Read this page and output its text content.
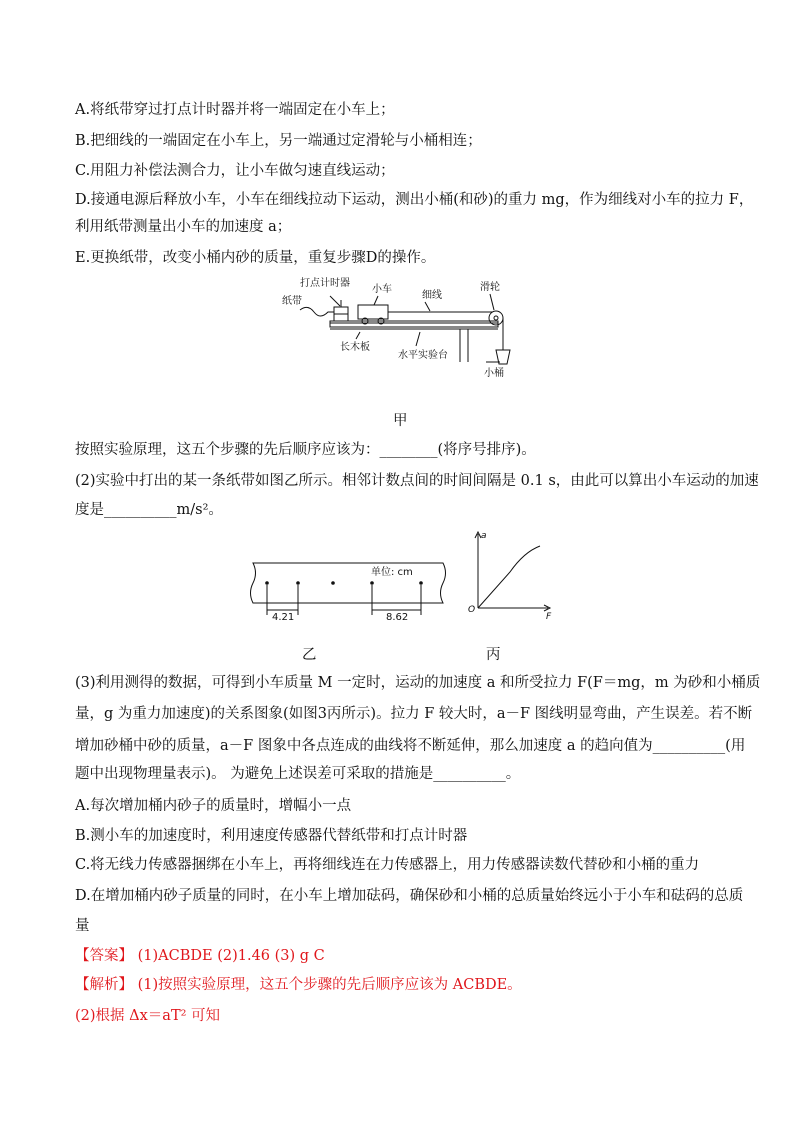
A.将纸带穿过打点计时器并将一端固定在小车上；
B.把细线的一端固定在小车上，另一端通过定滑轮与小桶相连；
C.用阻力补偿法测合力，让小车做匀速直线运动；
D.接通电源后释放小车，小车在细线拉动下运动，测出小桶(和砂)的重力 mg，作为细线对小车的拉力 F，
利用纸带测量出小车的加速度 a；
E.更换纸带，改变小桶内砂的质量，重复步骤D的操作。
打点计时器
纸带
小车
细线
滑轮
长木板
水平实验台
小桶
甲
按照实验原理，这五个步骤的先后顺序应该为：________(将序号排序)。
(2)实验中打出的某一条纸带如图乙所示。相邻计数点间的时间间隔是 0.1 s，由此可以算出小车运动的加速
度是__________m/s²。
单位: cm
4.21	8.62
乙
a
F
O
丙
(3)利用测得的数据，可得到小车质量 M 一定时，运动的加速度 a 和所受拉力 F(F＝mg，m 为砂和小桶质
量，g 为重力加速度)的关系图象(如图3丙所示)。拉力 F 较大时，a－F 图线明显弯曲，产生误差。若不断
增加砂桶中砂的质量，a－F 图象中各点连成的曲线将不断延伸，那么加速度 a 的趋向值为__________(用
题中出现物理量表示)。 为避免上述误差可采取的措施是__________。
A.每次增加桶内砂子的质量时，增幅小一点
B.测小车的加速度时，利用速度传感器代替纸带和打点计时器
C.将无线力传感器捆绑在小车上，再将细线连在力传感器上，用力传感器读数代替砂和小桶的重力
D.在增加桶内砂子质量的同时，在小车上增加砝码，确保砂和小桶的总质量始终远小于小车和砝码的总质
量
【答案】 (1)ACBDE (2)1.46 (3) g C
【解析】 (1)按照实验原理，这五个步骤的先后顺序应该为 ACBDE。
(2)根据 Δx＝aT² 可知
